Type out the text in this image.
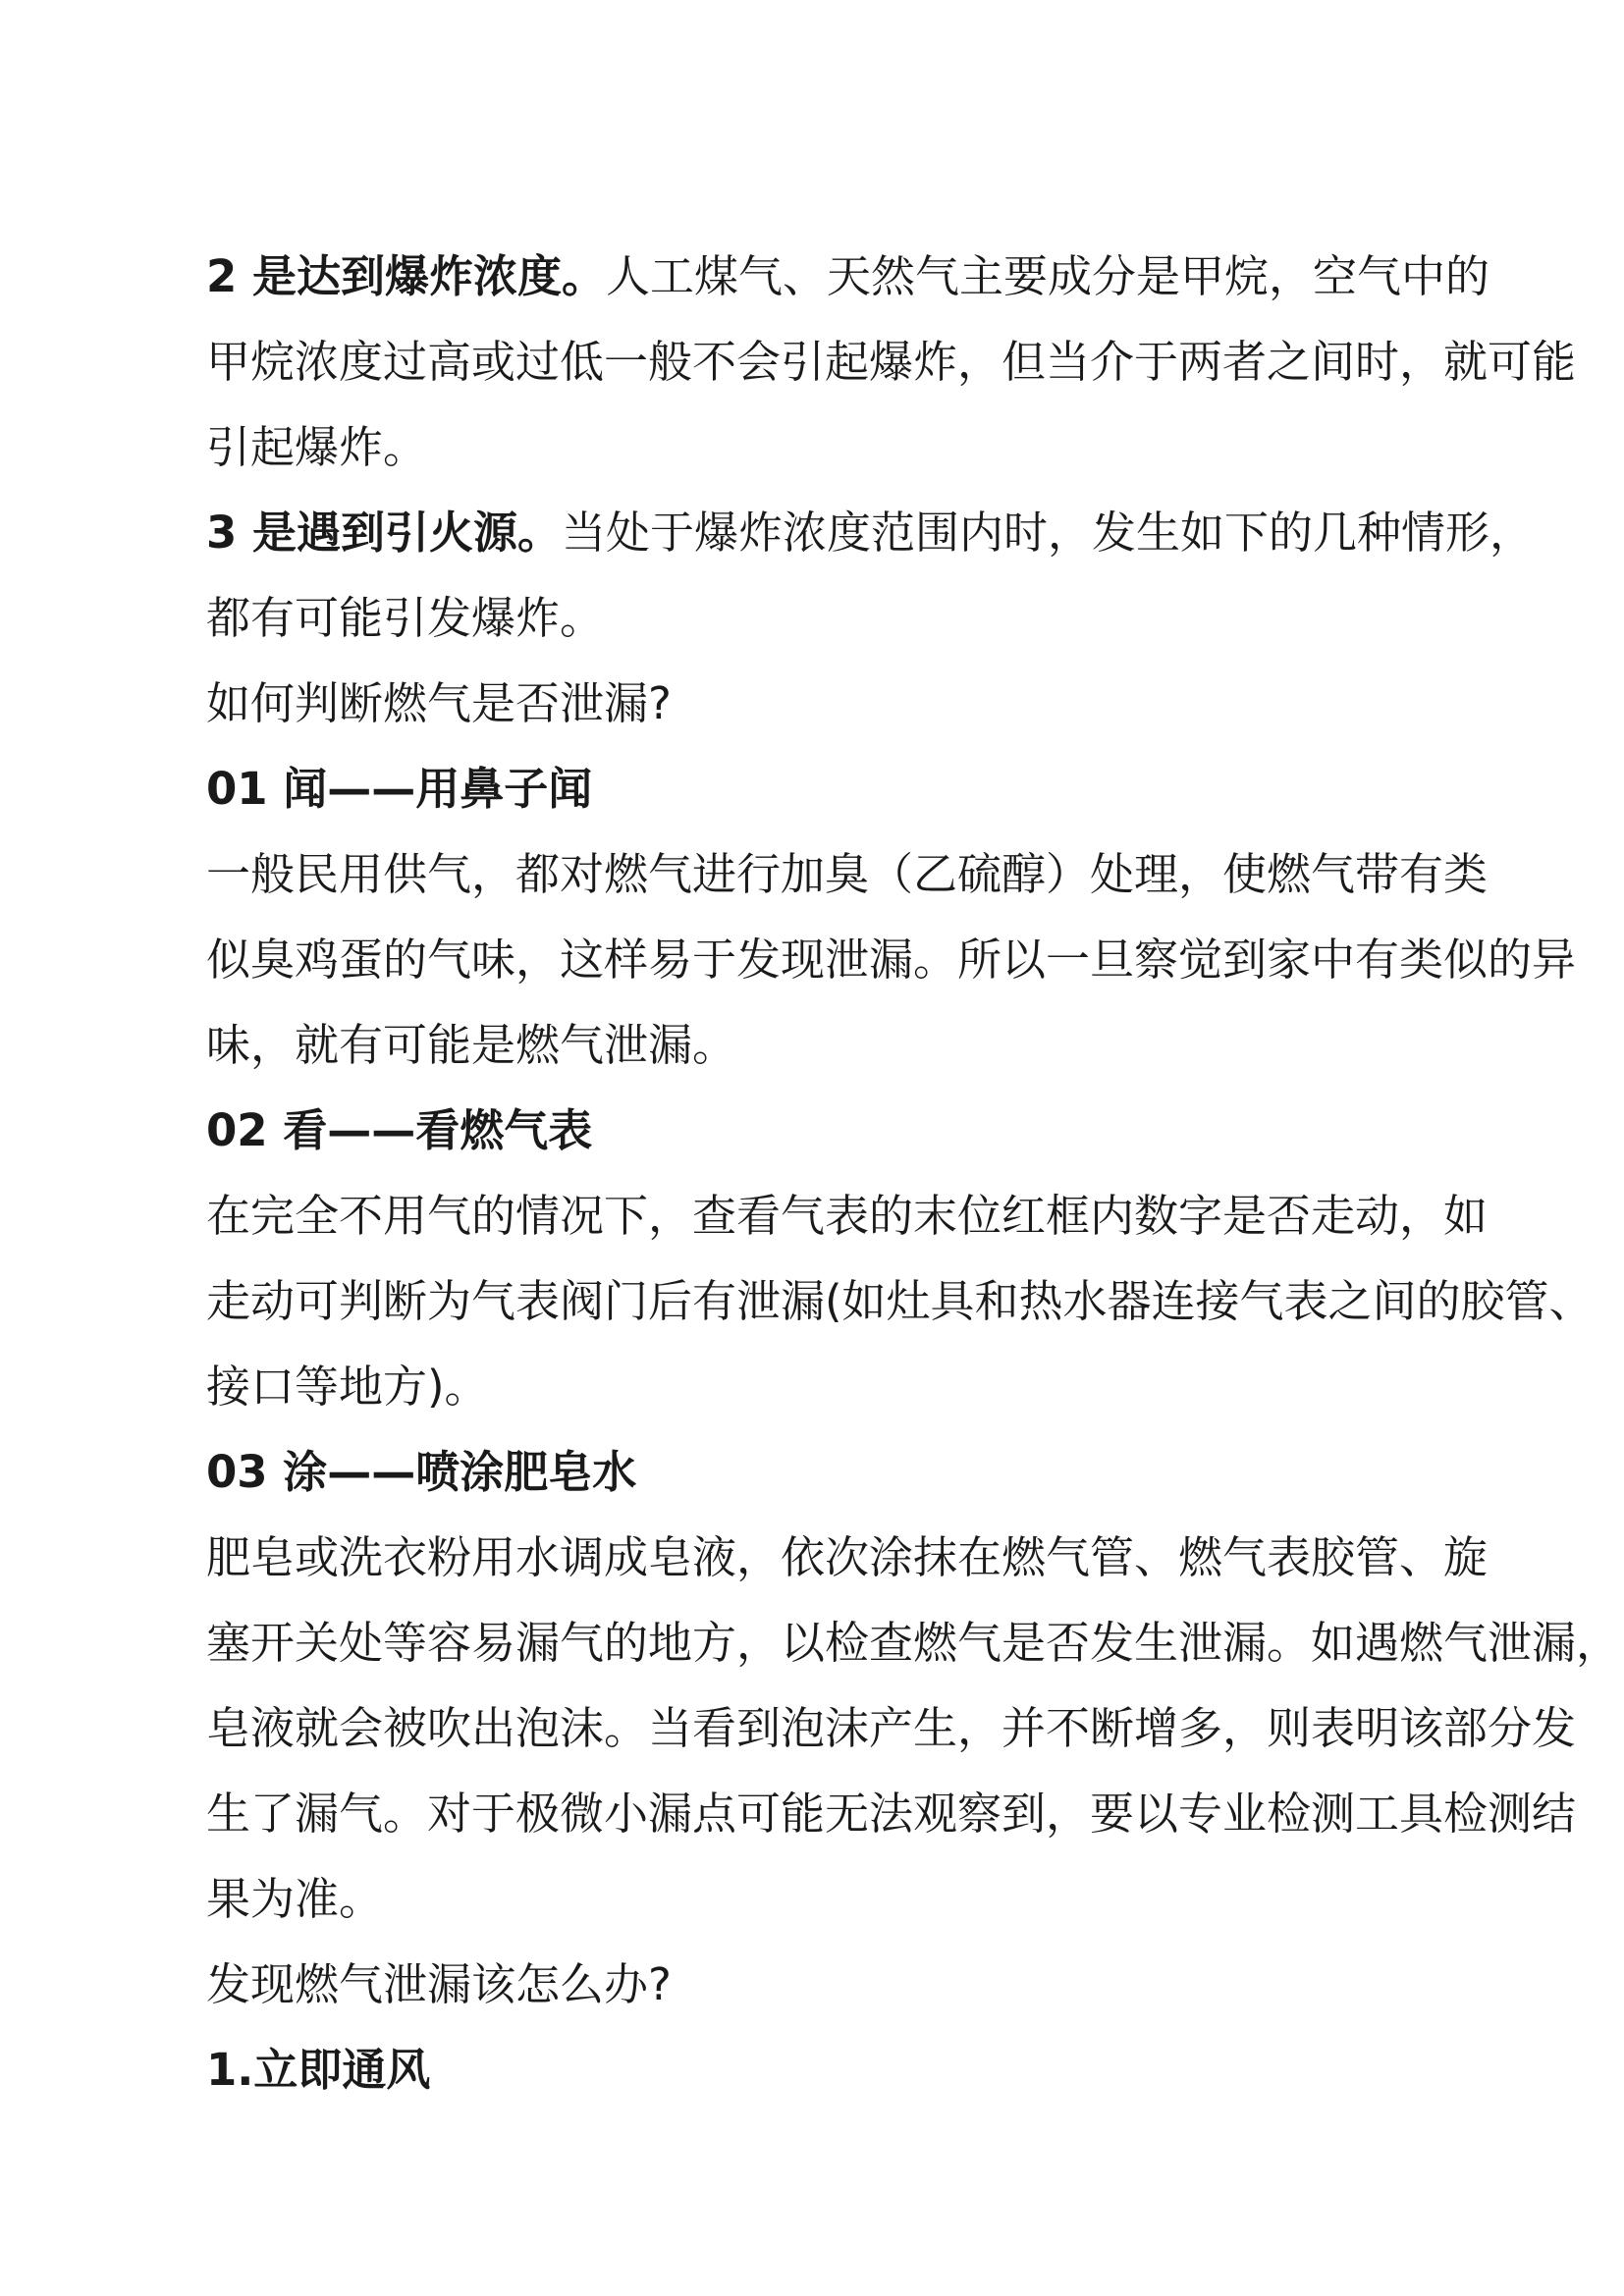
2 是达到爆炸浓度。人工煤气、天然气主要成分是甲烷，空气中的
甲烷浓度过高或过低一般不会引起爆炸，但当介于两者之间时，就可能
引起爆炸。

3 是遇到引火源。当处于爆炸浓度范围内时，发生如下的几种情形，
都有可能引发爆炸。

如何判断燃气是否泄漏?

01 闻——用鼻子闻

一般民用供气，都对燃气进行加臭（乙硫醇）处理，使燃气带有类
似臭鸡蛋的气味，这样易于发现泄漏。所以一旦察觉到家中有类似的异
味，就有可能是燃气泄漏。

02 看——看燃气表

在完全不用气的情况下，查看气表的末位红框内数字是否走动，如
走动可判断为气表阀门后有泄漏(如灶具和热水器连接气表之间的胶管、
接口等地方)。

03 涂——喷涂肥皂水

肥皂或洗衣粉用水调成皂液，依次涂抹在燃气管、燃气表胶管、旋
塞开关处等容易漏气的地方，以检查燃气是否发生泄漏。如遇燃气泄漏，
皂液就会被吹出泡沫。当看到泡沫产生，并不断增多，则表明该部分发
生了漏气。对于极微小漏点可能无法观察到，要以专业检测工具检测结
果为准。

发现燃气泄漏该怎么办?

1.立即通风
